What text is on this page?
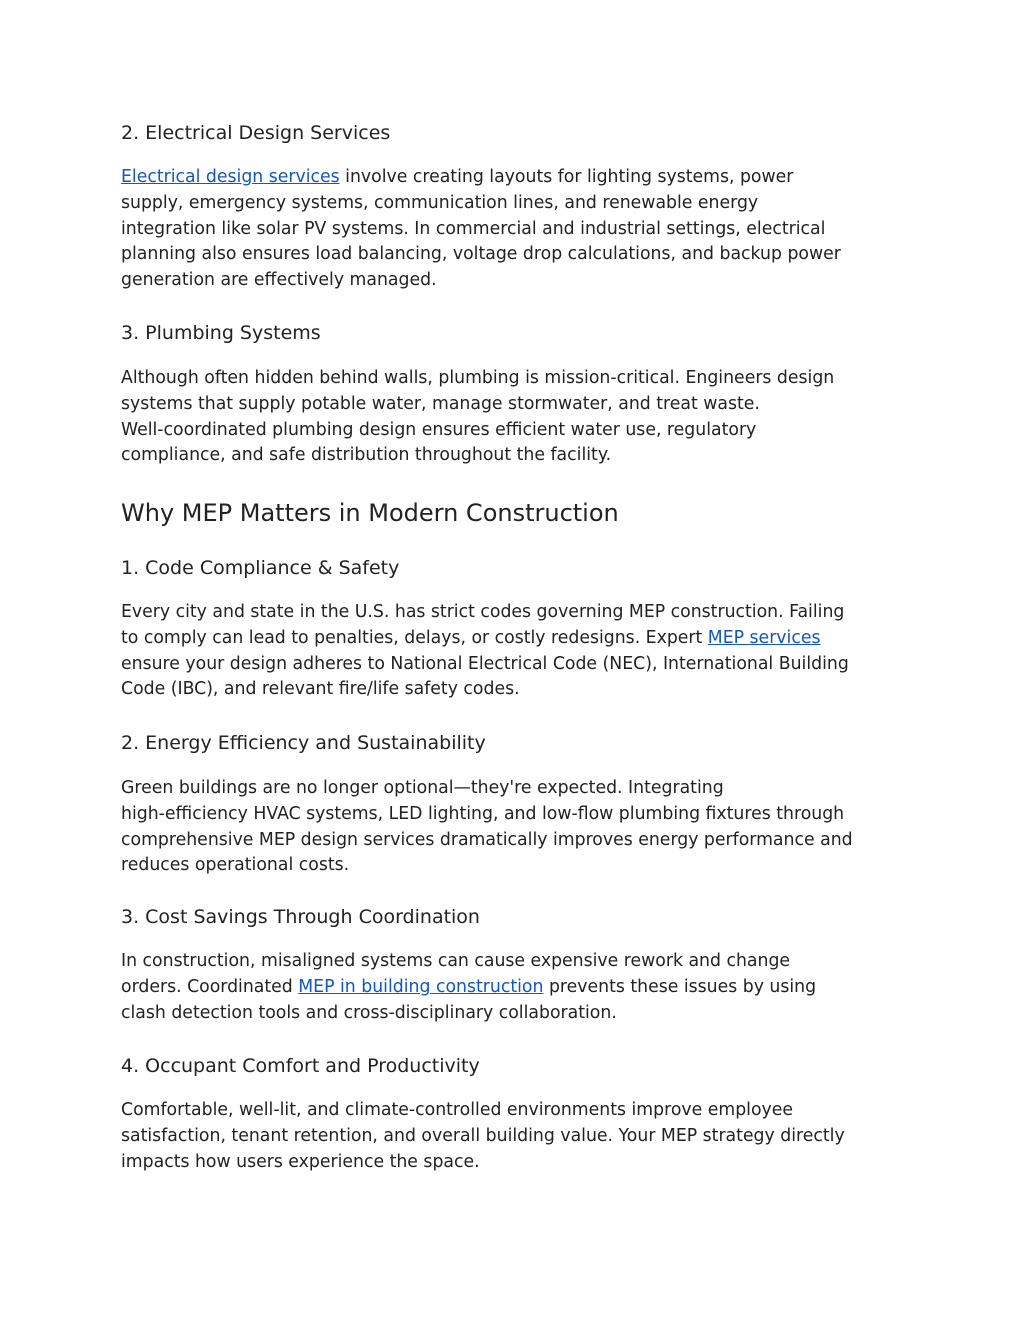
2. Electrical Design Services

Electrical design services involve creating layouts for lighting systems, power
supply, emergency systems, communication lines, and renewable energy
integration like solar PV systems. In commercial and industrial settings, electrical
planning also ensures load balancing, voltage drop calculations, and backup power
generation are effectively managed.

3. Plumbing Systems

Although often hidden behind walls, plumbing is mission-critical. Engineers design
systems that supply potable water, manage stormwater, and treat waste.
Well-coordinated plumbing design ensures efficient water use, regulatory
compliance, and safe distribution throughout the facility.

Why MEP Matters in Modern Construction
1. Code Compliance & Safety

Every city and state in the U.S. has strict codes governing MEP construction. Failing
to comply can lead to penalties, delays, or costly redesigns. Expert MEP services
ensure your design adheres to National Electrical Code (NEC), International Building
Code (IBC), and relevant fire/life safety codes.

2. Energy Efficiency and Sustainability

Green buildings are no longer optional—they're expected. Integrating
high-efficiency HVAC systems, LED lighting, and low-flow plumbing fixtures through
comprehensive MEP design services dramatically improves energy performance and
reduces operational costs.

3. Cost Savings Through Coordination

In construction, misaligned systems can cause expensive rework and change
orders. Coordinated MEP in building construction prevents these issues by using
clash detection tools and cross-disciplinary collaboration.

4. Occupant Comfort and Productivity

Comfortable, well-lit, and climate-controlled environments improve employee
satisfaction, tenant retention, and overall building value. Your MEP strategy directly
impacts how users experience the space.
